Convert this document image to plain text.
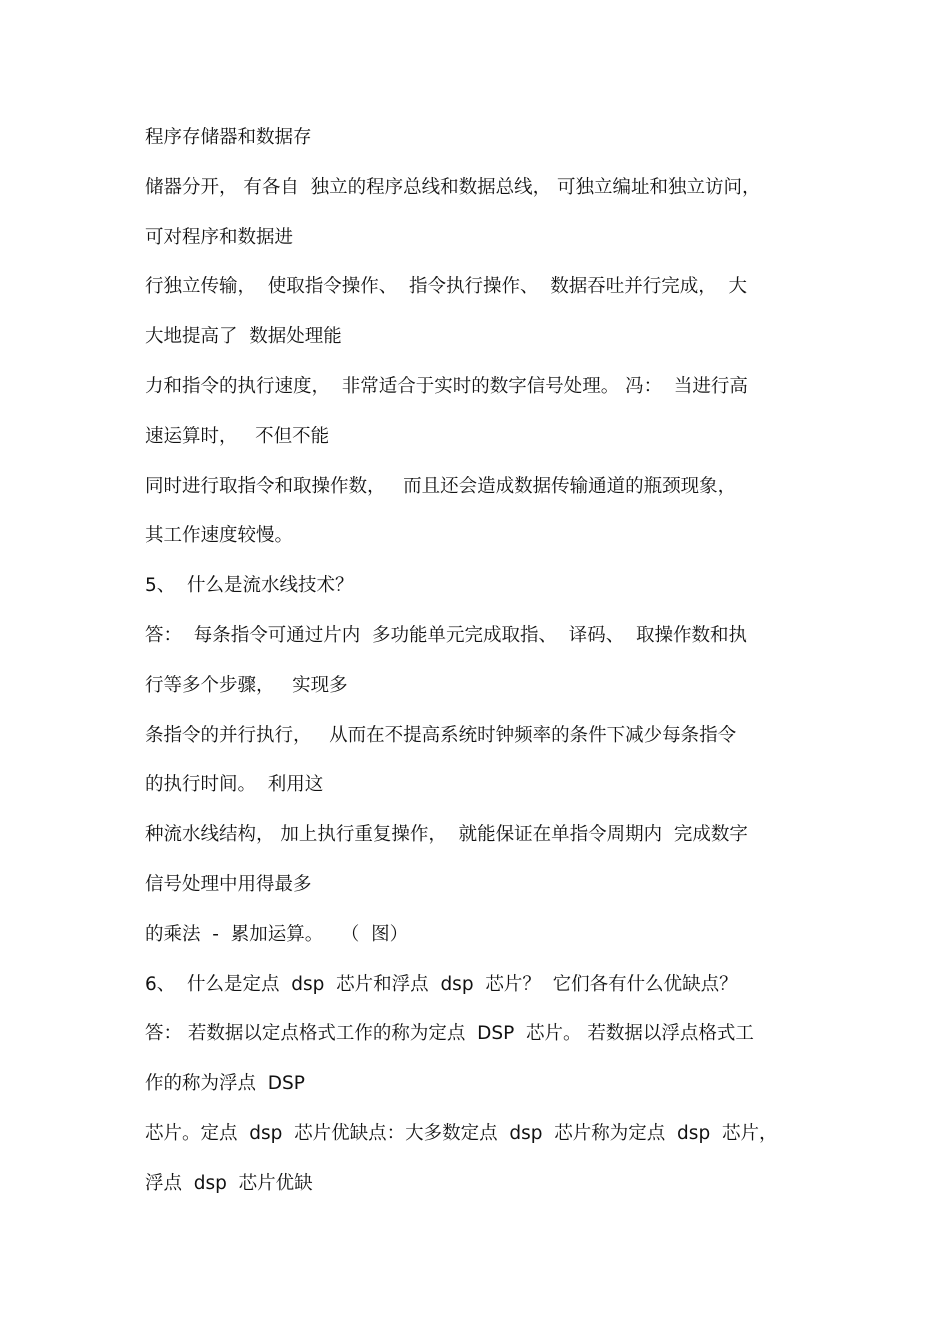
程序存储器和数据存
储器分开， 有各自  独立的程序总线和数据总线， 可独立编址和独立访问，
可对程序和数据进
行独立传输，  使取指令操作、  指令执行操作、  数据吞吐并行完成，  大
大地提高了  数据处理能
力和指令的执行速度，  非常适合于实时的数字信号处理。 冯：  当进行高
速运算时，   不但不能
同时进行取指令和取操作数，   而且还会造成数据传输通道的瓶颈现象，
其工作速度较慢。
5、  什么是流水线技术？
答：  每条指令可通过片内  多功能单元完成取指、  译码、  取操作数和执
行等多个步骤，   实现多
条指令的并行执行，   从而在不提高系统时钟频率的条件下减少每条指令
的执行时间。  利用这
种流水线结构， 加上执行重复操作，  就能保证在单指令周期内  完成数字
信号处理中用得最多
的乘法  -  累加运算。   （  图）
6、  什么是定点  dsp  芯片和浮点  dsp  芯片？  它们各有什么优缺点？
答： 若数据以定点格式工作的称为定点  DSP  芯片。 若数据以浮点格式工
作的称为浮点  DSP
芯片。定点  dsp  芯片优缺点：大多数定点  dsp  芯片称为定点  dsp  芯片，
浮点  dsp  芯片优缺
